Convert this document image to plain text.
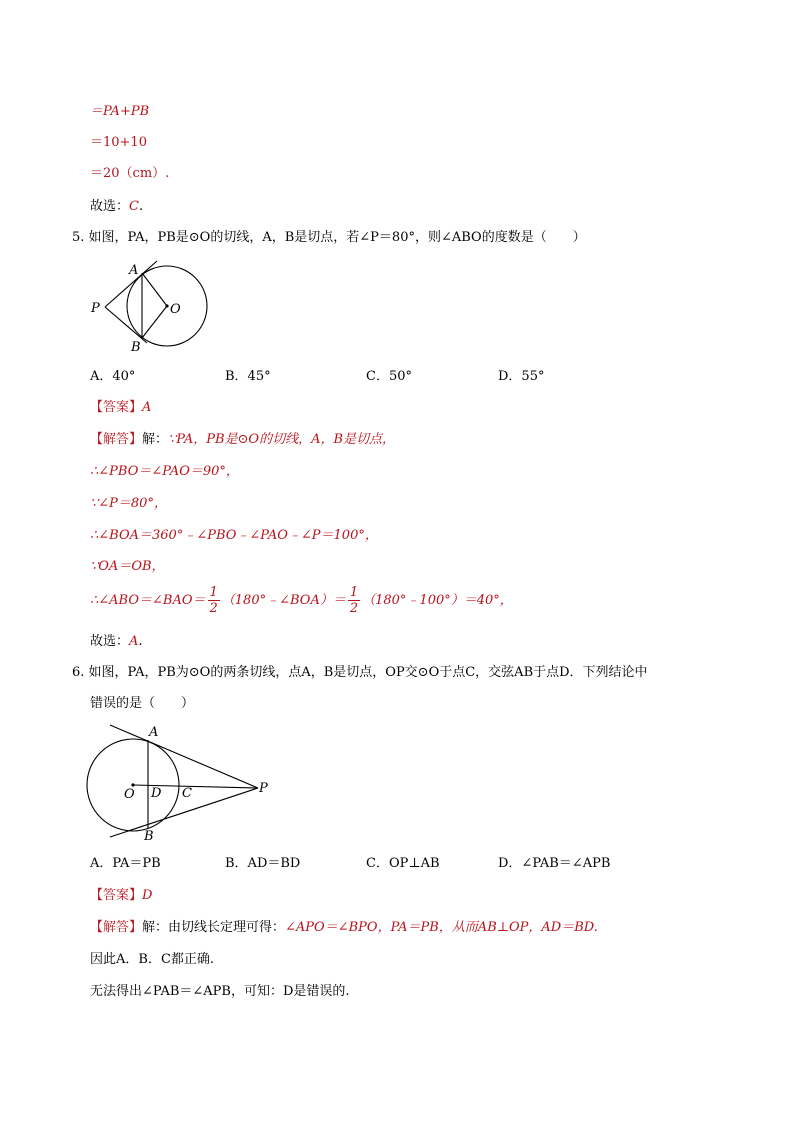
＝PA+PB
＝10+10
＝20（cm）.
故选：C.
5. 如图，PA，PB是⊙O的切线，A，B是切点，若∠P＝80°，则∠ABO的度数是（　　）
A
P	O
B
A．40°	B．45°	C．50°	D．55°
【答案】A
【解答】解：∵PA，PB是⊙O的切线，A，B是切点，
∴∠PBO＝∠PAO＝90°，
∵∠P＝80°，
∴∠BOA＝360°﹣∠PBO﹣∠PAO﹣∠P＝100°，
∵OA＝OB，
∴∠ABO＝∠BAO＝ $\frac{1}{2}$ （180°﹣∠BOA）＝ $\frac{1}{2}$ （180°﹣100°）＝40°，
故选：A.
6. 如图，PA，PB为⊙O的两条切线，点A，B是切点，OP交⊙O于点C，交弦AB于点D．下列结论中
错误的是（　　）
A
O D C	P
B
A．PA＝PB	B．AD＝BD	C．OP⊥AB	D．∠PAB＝∠APB
【答案】D
【解答】解：由切线长定理可得：∠APO＝∠BPO，PA＝PB，从而AB⊥OP，AD＝BD.
因此A．B．C都正确.
无法得出∠PAB＝∠APB，可知：D是错误的.
